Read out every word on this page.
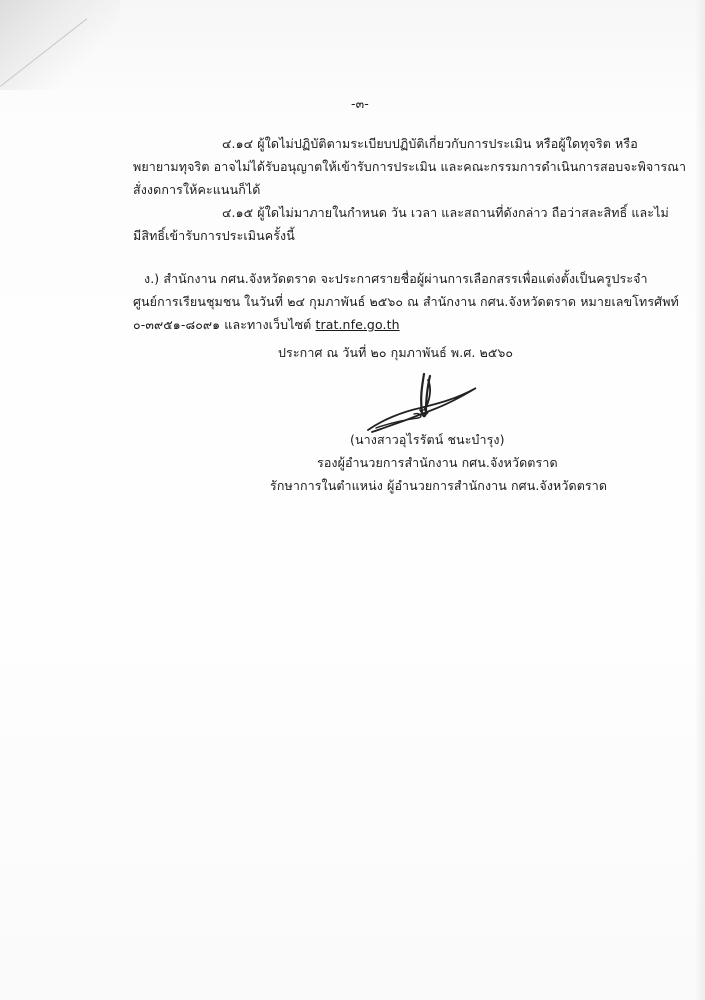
-๓-
๔.๑๔ ผู้ใดไม่ปฏิบัติตามระเบียบปฏิบัติเกี่ยวกับการประเมิน หรือผู้ใดทุจริต หรือ
พยายามทุจริต อาจไม่ได้รับอนุญาตให้เข้ารับการประเมิน และคณะกรรมการดำเนินการสอบจะพิจารณา
สั่งงดการให้คะแนนก็ได้
๔.๑๕ ผู้ใดไม่มาภายในกำหนด วัน เวลา และสถานที่ดังกล่าว ถือว่าสละสิทธิ์ และไม่
มีสิทธิ์เข้ารับการประเมินครั้งนี้
ง.) สำนักงาน กศน.จังหวัดตราด จะประกาศรายชื่อผู้ผ่านการเลือกสรรเพื่อแต่งตั้งเป็นครูประจำ
ศูนย์การเรียนชุมชน ในวันที่ ๒๔ กุมภาพันธ์ ๒๕๖๐ ณ สำนักงาน กศน.จังหวัดตราด หมายเลขโทรศัพท์
๐-๓๙๕๑-๘๐๙๑ และทางเว็บไซต์ trat.nfe.go.th
ประกาศ ณ วันที่ ๒๐ กุมภาพันธ์ พ.ศ. ๒๕๖๐
(นางสาวอุไรรัตน์ ชนะบำรุง)
รองผู้อำนวยการสำนักงาน กศน.จังหวัดตราด
รักษาการในตำแหน่ง ผู้อำนวยการสำนักงาน กศน.จังหวัดตราด
